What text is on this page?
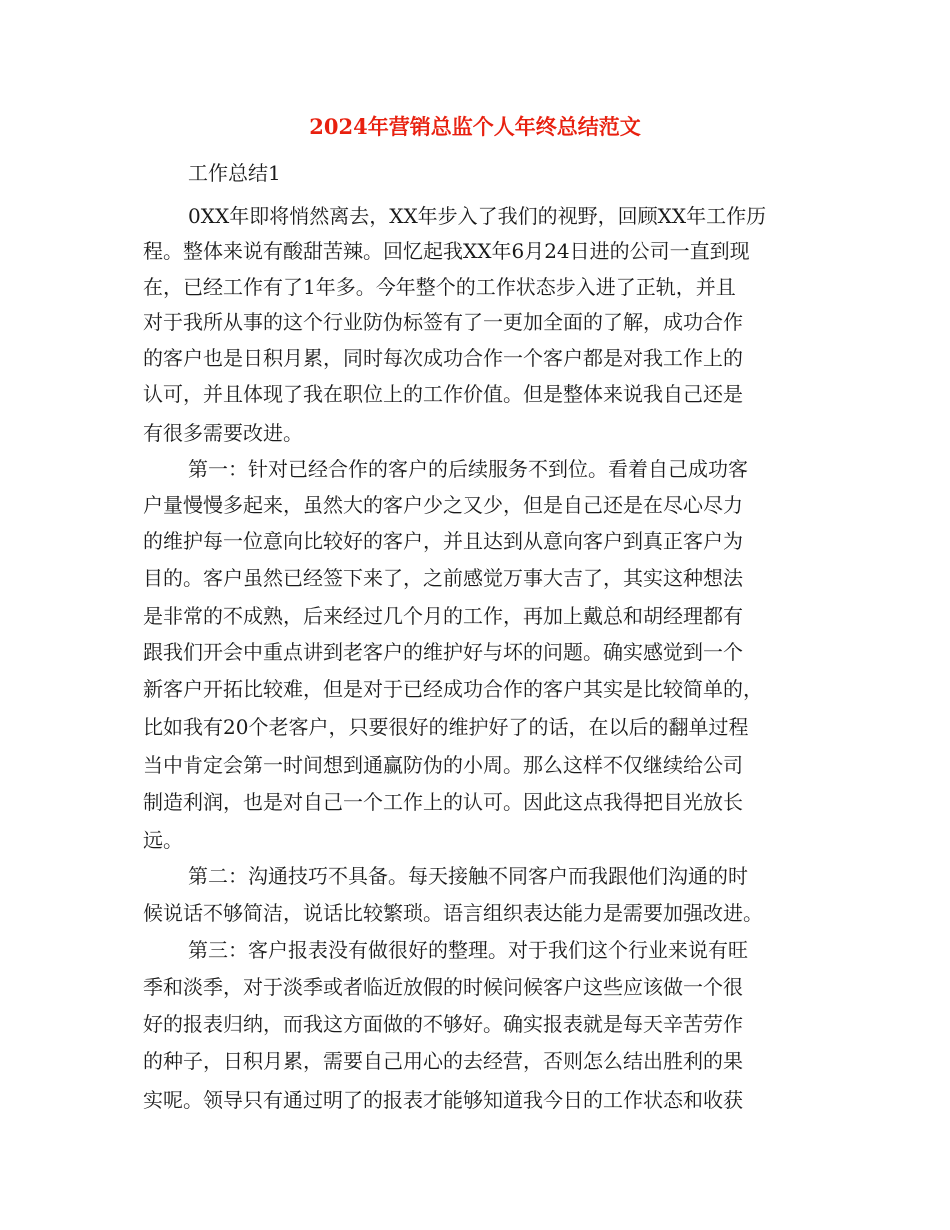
2024年营销总监个人年终总结范文

工作总结1

0XX年即将悄然离去，XX年步入了我们的视野，回顾XX年工作历

程。整体来说有酸甜苦辣。回忆起我XX年6月24日进的公司一直到现

在，已经工作有了1年多。今年整个的工作状态步入进了正轨，并且

对于我所从事的这个行业防伪标签有了一更加全面的了解，成功合作

的客户也是日积月累，同时每次成功合作一个客户都是对我工作上的

认可，并且体现了我在职位上的工作价值。但是整体来说我自己还是

有很多需要改进。

第一：针对已经合作的客户的后续服务不到位。看着自己成功客

户量慢慢多起来，虽然大的客户少之又少，但是自己还是在尽心尽力

的维护每一位意向比较好的客户，并且达到从意向客户到真正客户为

目的。客户虽然已经签下来了，之前感觉万事大吉了，其实这种想法

是非常的不成熟，后来经过几个月的工作，再加上戴总和胡经理都有

跟我们开会中重点讲到老客户的维护好与坏的问题。确实感觉到一个

新客户开拓比较难，但是对于已经成功合作的客户其实是比较简单的，

比如我有20个老客户，只要很好的维护好了的话，在以后的翻单过程

当中肯定会第一时间想到通赢防伪的小周。那么这样不仅继续给公司

制造利润，也是对自己一个工作上的认可。因此这点我得把目光放长

远。

第二：沟通技巧不具备。每天接触不同客户而我跟他们沟通的时

候说话不够简洁，说话比较繁琐。语言组织表达能力是需要加强改进。

第三：客户报表没有做很好的整理。对于我们这个行业来说有旺

季和淡季，对于淡季或者临近放假的时候问候客户这些应该做一个很

好的报表归纳，而我这方面做的不够好。确实报表就是每天辛苦劳作

的种子，日积月累，需要自己用心的去经营，否则怎么结出胜利的果

实呢。领导只有通过明了的报表才能够知道我今日的工作状态和收获
